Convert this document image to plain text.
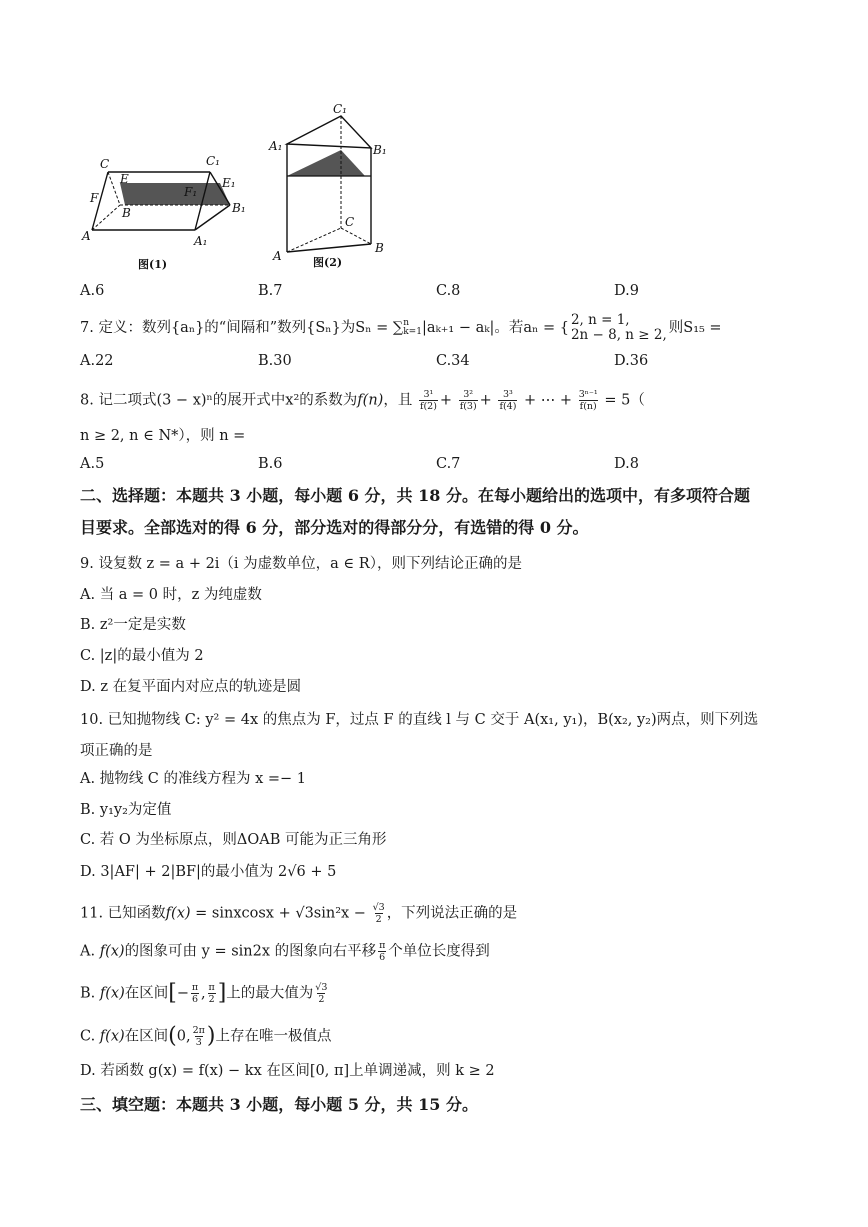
C	C₁
E	E₁
F	F₁
B	B₁
A	A₁
图(1)
C₁
A₁	B₁
C
A
B
图(2)
A.6	B.7	C.8	D.9
7. 定义：数列{aₙ}的“间隔和”数列{Sₙ}为Sₙ = ∑ n
k=1 |aₖ₊₁ − aₖ|。若aₙ = { 2, n = 1,
2n − 8, n ≥ 2, 则S₁₅ =
A.22	B.30	C.34	D.36
8. 记二项式(3 − x)ⁿ的展开式中x²的系数为f(n)，且 $\frac{\text{3¹}}{f(2)} + \frac{\text{3²}}{f(3)} + \frac{\text{3³}}{f(4)}$ + ⋯ + $\frac{\text{3ⁿ⁻¹}}{f(n)} = 5$（
n ≥ 2, n ∈ N*），则 n =
A.5	B.6	C.7	D.8
二、选择题：本题共 3 小题，每小题 6 分，共 18 分。在每小题给出的选项中，有多项符合题
目要求。全部选对的得 6 分，部分选对的得部分分，有选错的得 0 分。
9. 设复数 z = a + 2i（i 为虚数单位，a ∈ R），则下列结论正确的是
A. 当 a = 0 时，z 为纯虚数
B. z²一定是实数
C. |z|的最小值为 2
D. z 在复平面内对应点的轨迹是圆
10. 已知抛物线 C: y² = 4x 的焦点为 F，过点 F 的直线 l 与 C 交于 A(x₁, y₁)，B(x₂, y₂)两点，则下列选
项正确的是
A. 抛物线 C 的准线方程为 x =− 1
B. y₁y₂为定值
C. 若 O 为坐标原点，则ΔOAB 可能为正三角形
D. 3|AF| + 2|BF|的最小值为 2√6 + 5
11. 已知函数f(x) = sinxcosx + $√3\sin^2x - \frac{√3}{2}$ ，下列说法正确的是
A. f(x)的图象可由 y = sin2x 的图象向右平移 $\frac{\pi}{6}$ 个单位长度得到
B. f(x)在区间[− $\frac{\pi}{6}$ , $\frac{\pi}{2}$ ]上的最大值为 $\frac{√3}{2}$
C. f(x)在区间(0, $\frac{2\pi}{3}$ )上存在唯一极值点
D. 若函数 g(x) = f(x) − kx 在区间[0, π]上单调递减，则 k ≥ 2
三、填空题：本题共 3 小题，每小题 5 分，共 15 分。
